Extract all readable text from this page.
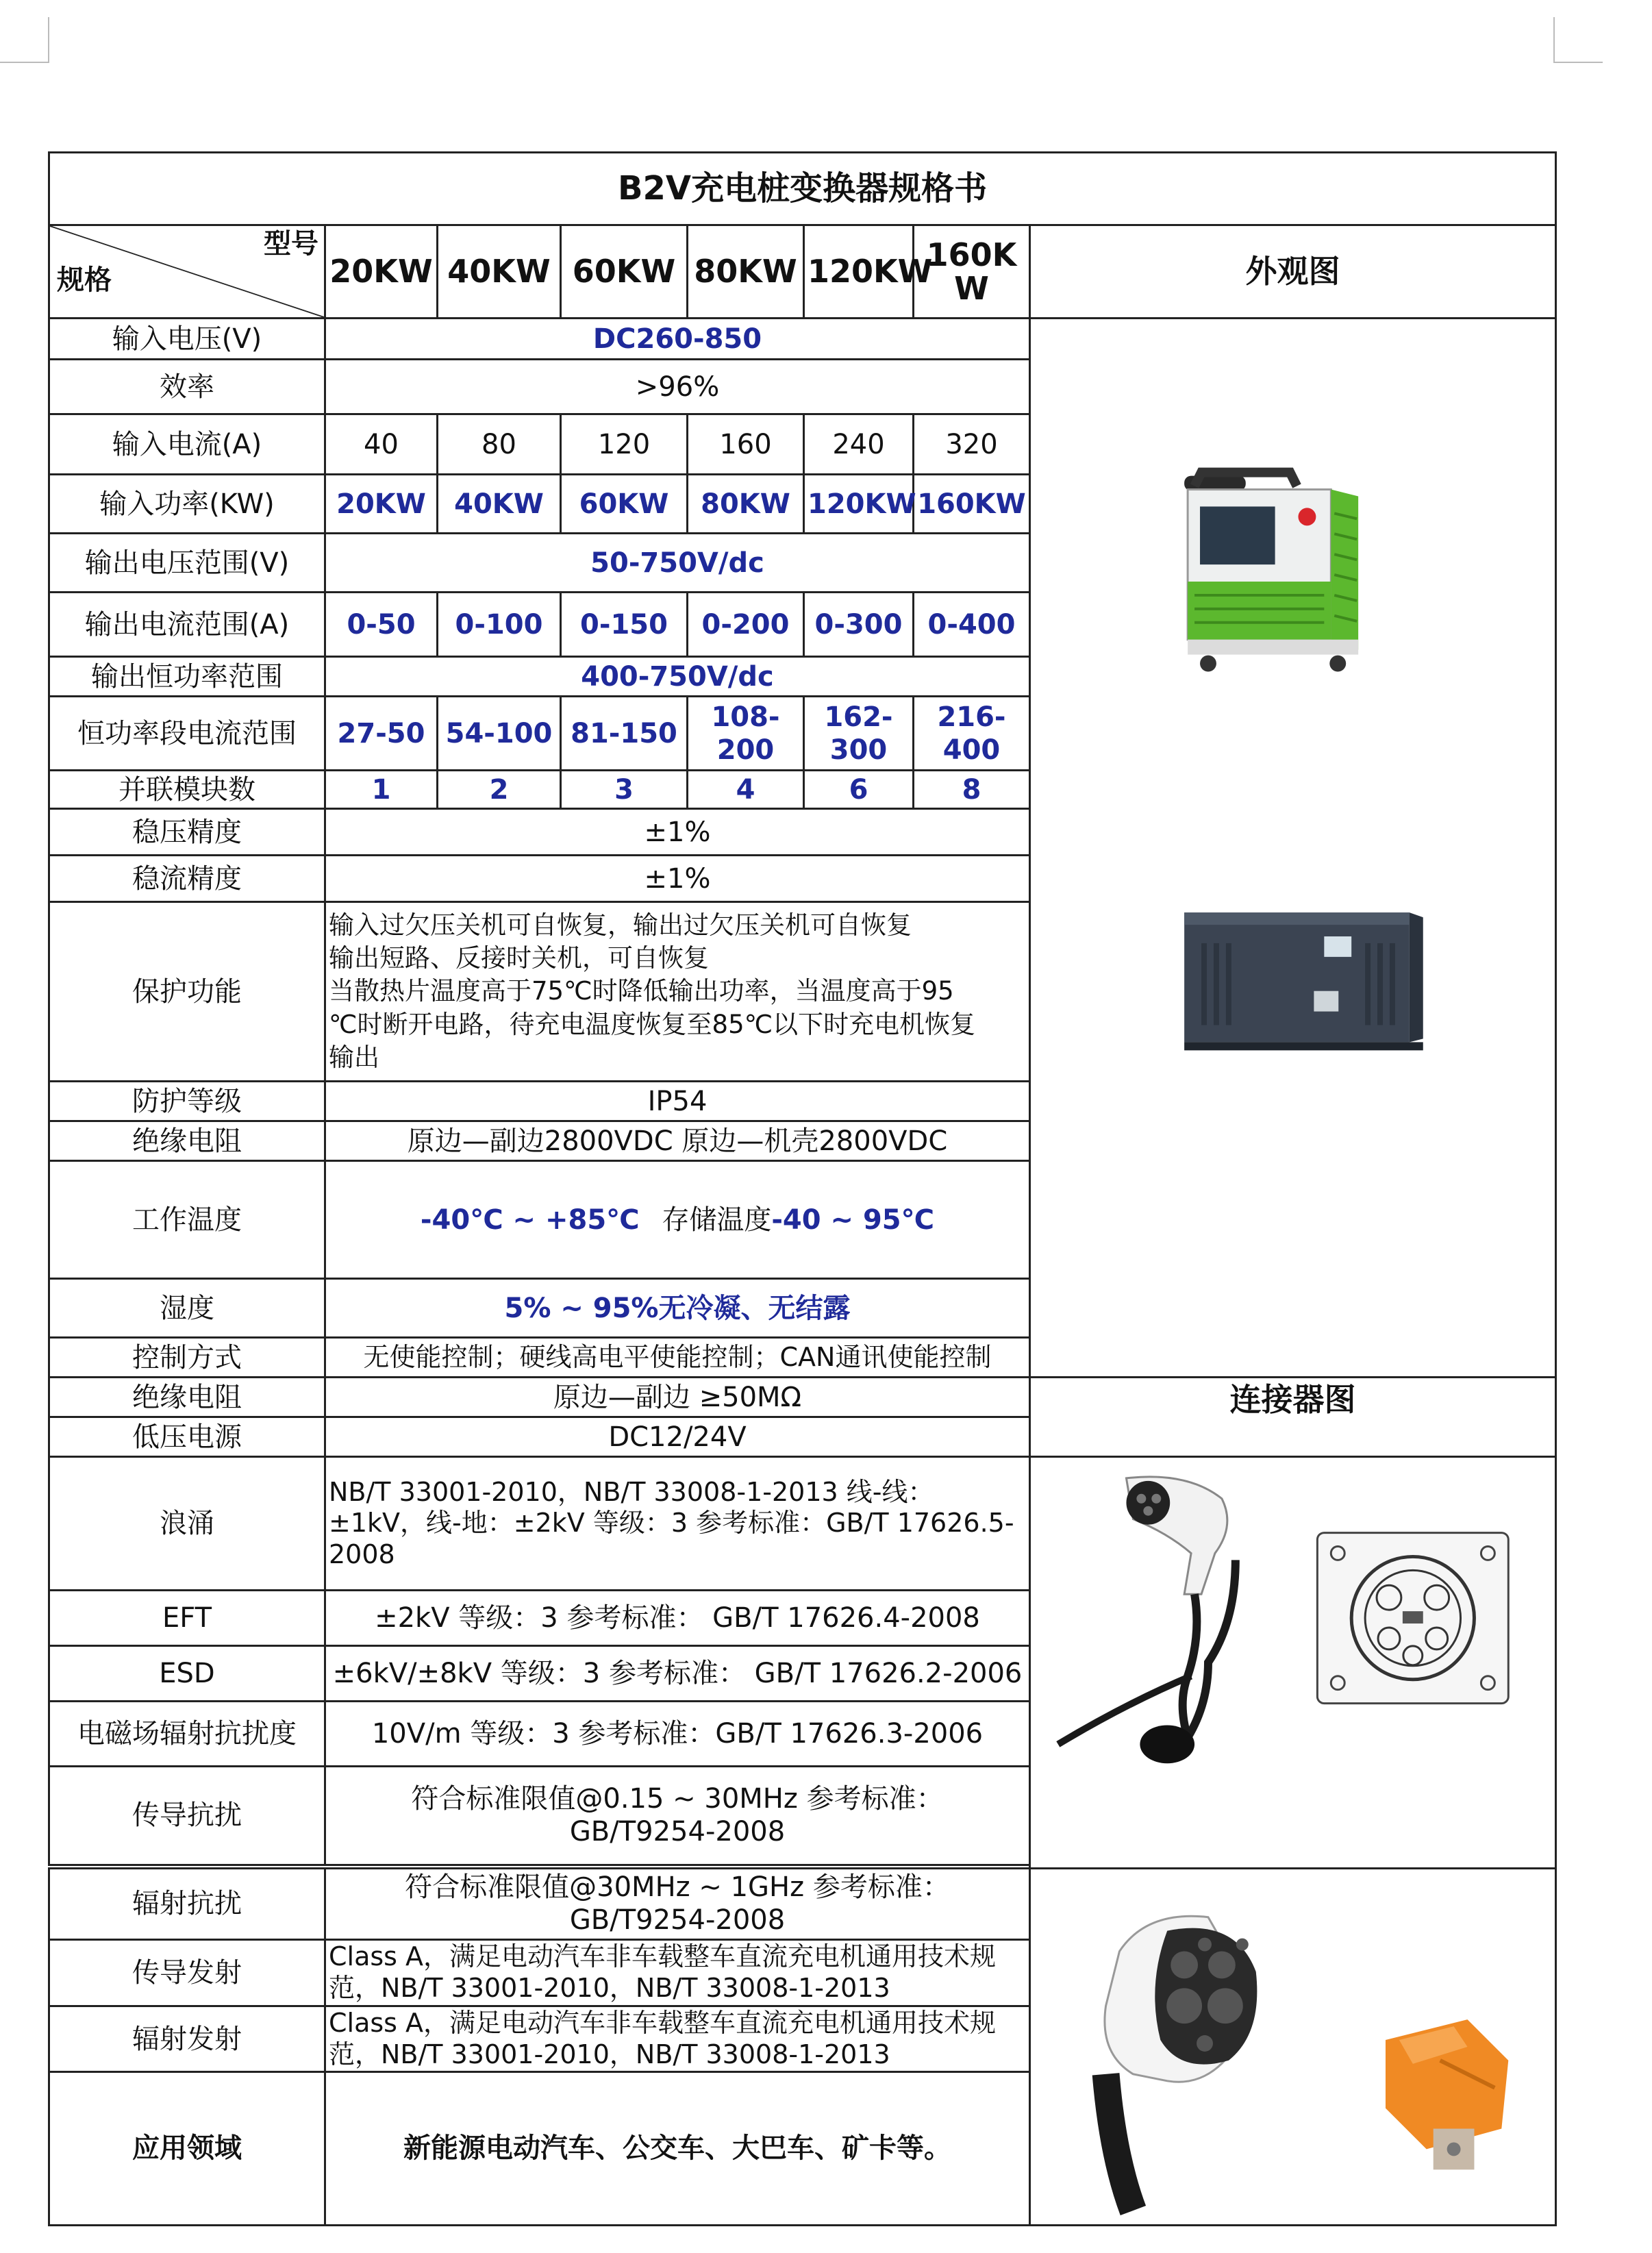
B2V充电桩变换器规格书							

型号
规格	20KW	40KW	60KW	80KW	120KW	160K W	外观图
输入电压(V)	DC260-850	

效率	>96%						
输入电流(A)	40	80	120	160	240	320	
输入功率(KW)	20KW	40KW	60KW	80KW	120KW	160KW	
输出电压范围(V)	50-750V/dc						
输出电流范围(A)	0-50	0-100	0-150	0-200	0-300	0-400	
输出恒功率范围	400-750V/dc						
恒功率段电流范围	27-50	54-100	81-150	108-200	162-300	216-400	
并联模块数	1	2	3	4	6	8	
稳压精度	±1%						
稳流精度	±1%						
保护功能	输入过欠压关机可自恢复，输出过欠压关机可自恢复
输出短路、反接时关机，可自恢复
当散热片温度高于75℃时降低输出功率，当温度高于95
℃时断开电路，待充电温度恢复至85℃以下时充电机恢复
输出						

防护等级	IP54						
绝缘电阻	原边—副边2800VDC 原边—机壳2800VDC						
工作温度	-40℃ ~ +85℃ 存储温度-40 ~ 95℃						
湿度	5% ~ 95%无冷凝、无结露						
控制方式	无使能控制；硬线高电平使能控制；CAN通讯使能控制						
绝缘电阻	原边—副边 ≥50MΩ						连接器图
低压电源	DC12/24V						
浪涌	NB/T 33001-2010，NB/T 33008-1-2013 线-线：±1kV，线-地：±2kV 等级：3 参考标准：GB/T 17626.5-2008	

EFT	±2kV 等级：3 参考标准： GB/T 17626.4-2008						
ESD	±6kV/±8kV 等级：3 参考标准： GB/T 17626.2-2006						
电磁场辐射抗扰度	10V/m 等级：3 参考标准：GB/T 17626.3-2006						
传导抗扰	符合标准限值@0.15 ~ 30MHz 参考标准： GB/T9254-2008						

辐射抗扰	符合标准限值@30MHz ~ 1GHz 参考标准： GB/T9254-2008	

传导发射	Class A，满足电动汽车非车载整车直流充电机通用技术规范，NB/T 33001-2010，NB/T 33008-1-2013						
辐射发射	Class A，满足电动汽车非车载整车直流充电机通用技术规范，NB/T 33001-2010，NB/T 33008-1-2013						
应用领域	新能源电动汽车、公交车、大巴车、矿卡等。						
